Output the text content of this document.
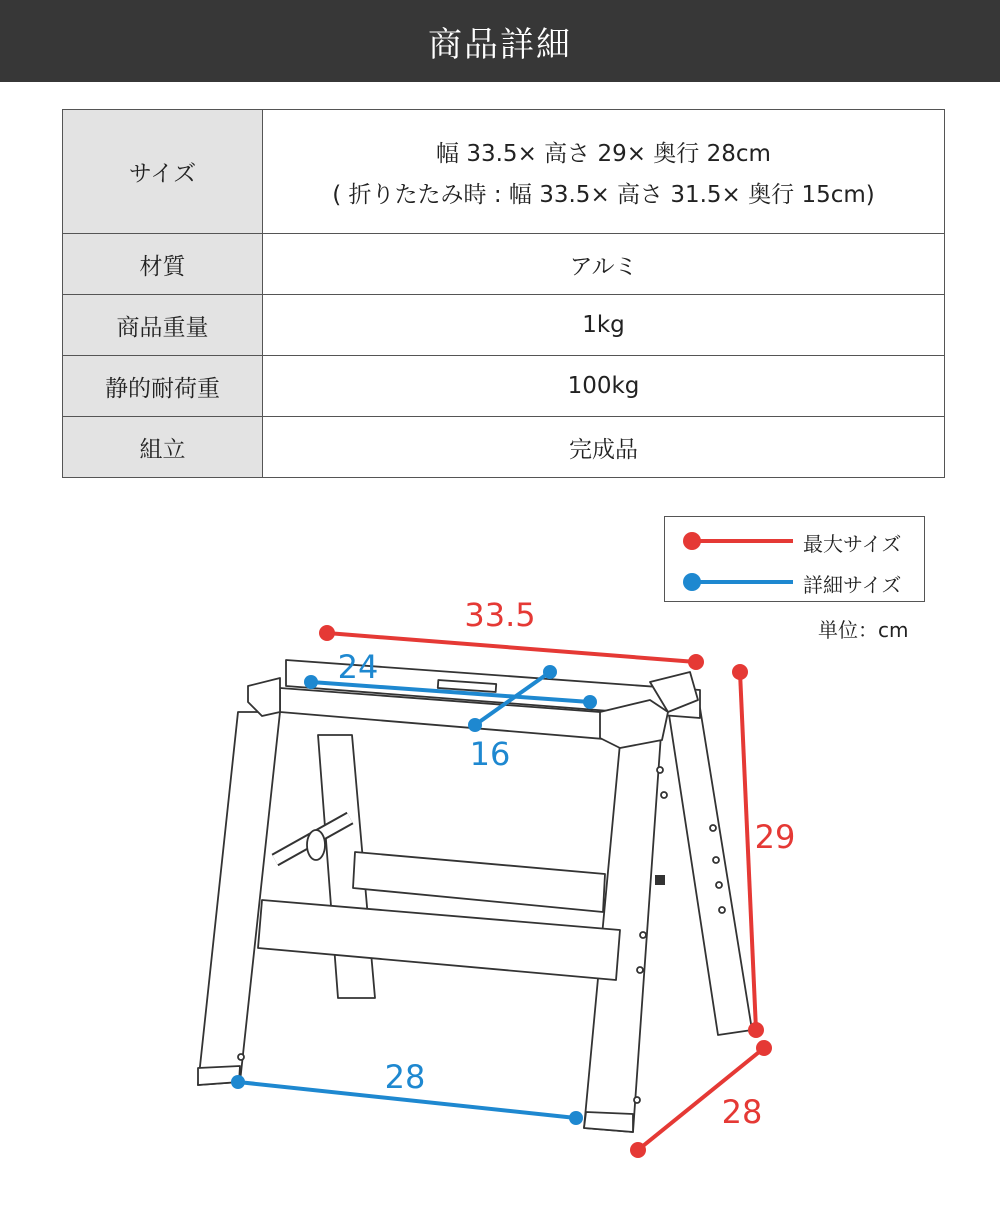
商品詳細
サイズ	幅 33.5× 高さ 29× 奥行 28cm
( 折りたたみ時 : 幅 33.5× 高さ 31.5× 奥行 15cm)

材質	アルミ
商品重量	1kg
静的耐荷重	100kg
組立	完成品
最大サイズ
詳細サイズ
単位：cm
33.5
29
28
24
16
28
